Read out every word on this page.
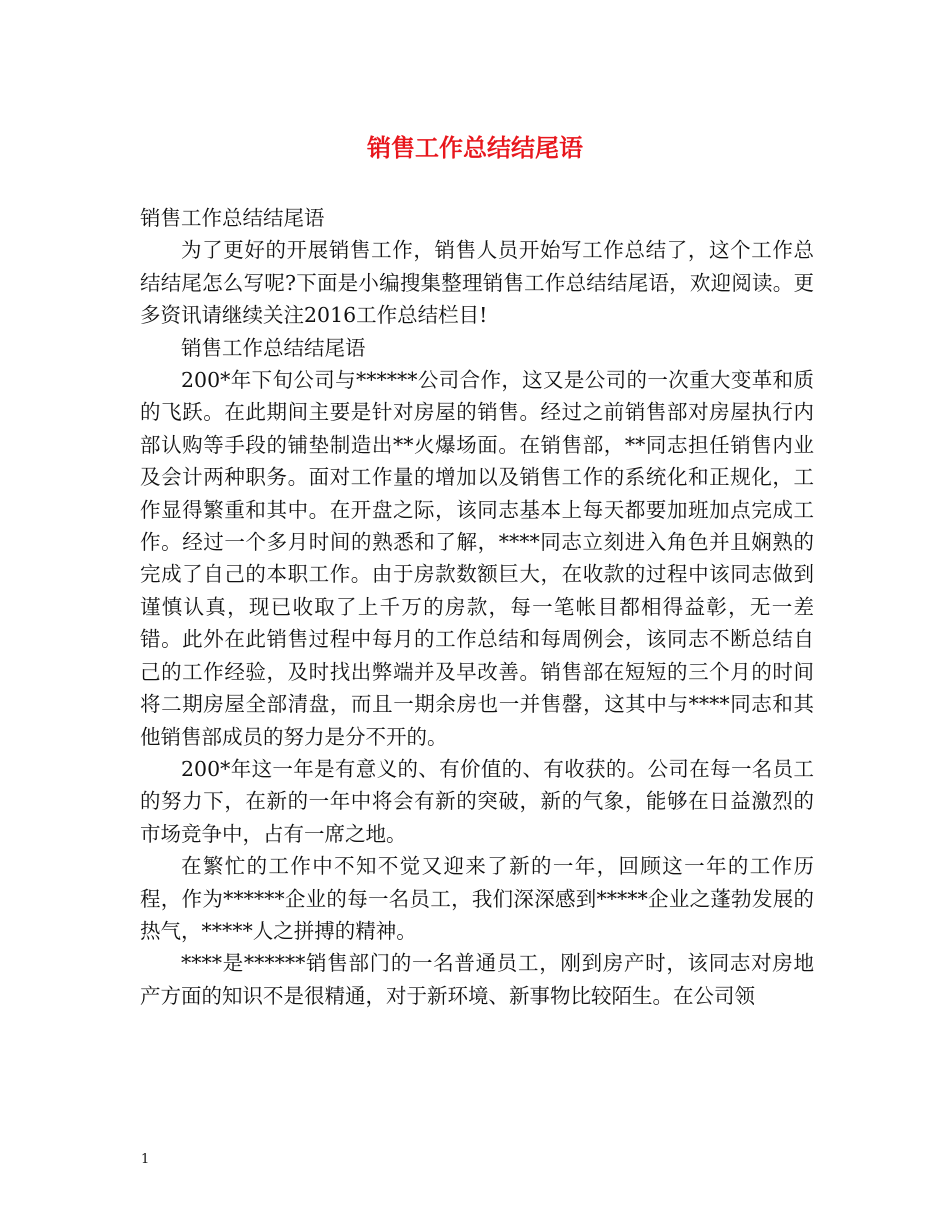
销售工作总结结尾语

销售工作总结结尾语

为了更好的开展销售工作，销售人员开始写工作总结了，这个工作总结结尾怎么写呢?下面是小编搜集整理销售工作总结结尾语，欢迎阅读。更多资讯请继续关注2016工作总结栏目!

销售工作总结结尾语

200*年下旬公司与******公司合作，这又是公司的一次重大变革和质的飞跃。在此期间主要是针对房屋的销售。经过之前销售部对房屋执行内部认购等手段的铺垫制造出**火爆场面。在销售部，**同志担任销售内业及会计两种职务。面对工作量的增加以及销售工作的系统化和正规化，工作显得繁重和其中。在开盘之际，该同志基本上每天都要加班加点完成工作。经过一个多月时间的熟悉和了解，****同志立刻进入角色并且娴熟的完成了自己的本职工作。由于房款数额巨大，在收款的过程中该同志做到谨慎认真，现已收取了上千万的房款，每一笔帐目都相得益彰，无一差错。此外在此销售过程中每月的工作总结和每周例会，该同志不断总结自己的工作经验，及时找出弊端并及早改善。销售部在短短的三个月的时间将二期房屋全部清盘，而且一期余房也一并售罄，这其中与****同志和其他销售部成员的努力是分不开的。

200*年这一年是有意义的、有价值的、有收获的。公司在每一名员工的努力下，在新的一年中将会有新的突破，新的气象，能够在日益激烈的市场竞争中，占有一席之地。

在繁忙的工作中不知不觉又迎来了新的一年，回顾这一年的工作历程，作为******企业的每一名员工，我们深深感到*****企业之蓬勃发展的热气，*****人之拼搏的精神。

****是******销售部门的一名普通员工，刚到房产时，该同志对房地产方面的知识不是很精通，对于新环境、新事物比较陌生。在公司领

1
